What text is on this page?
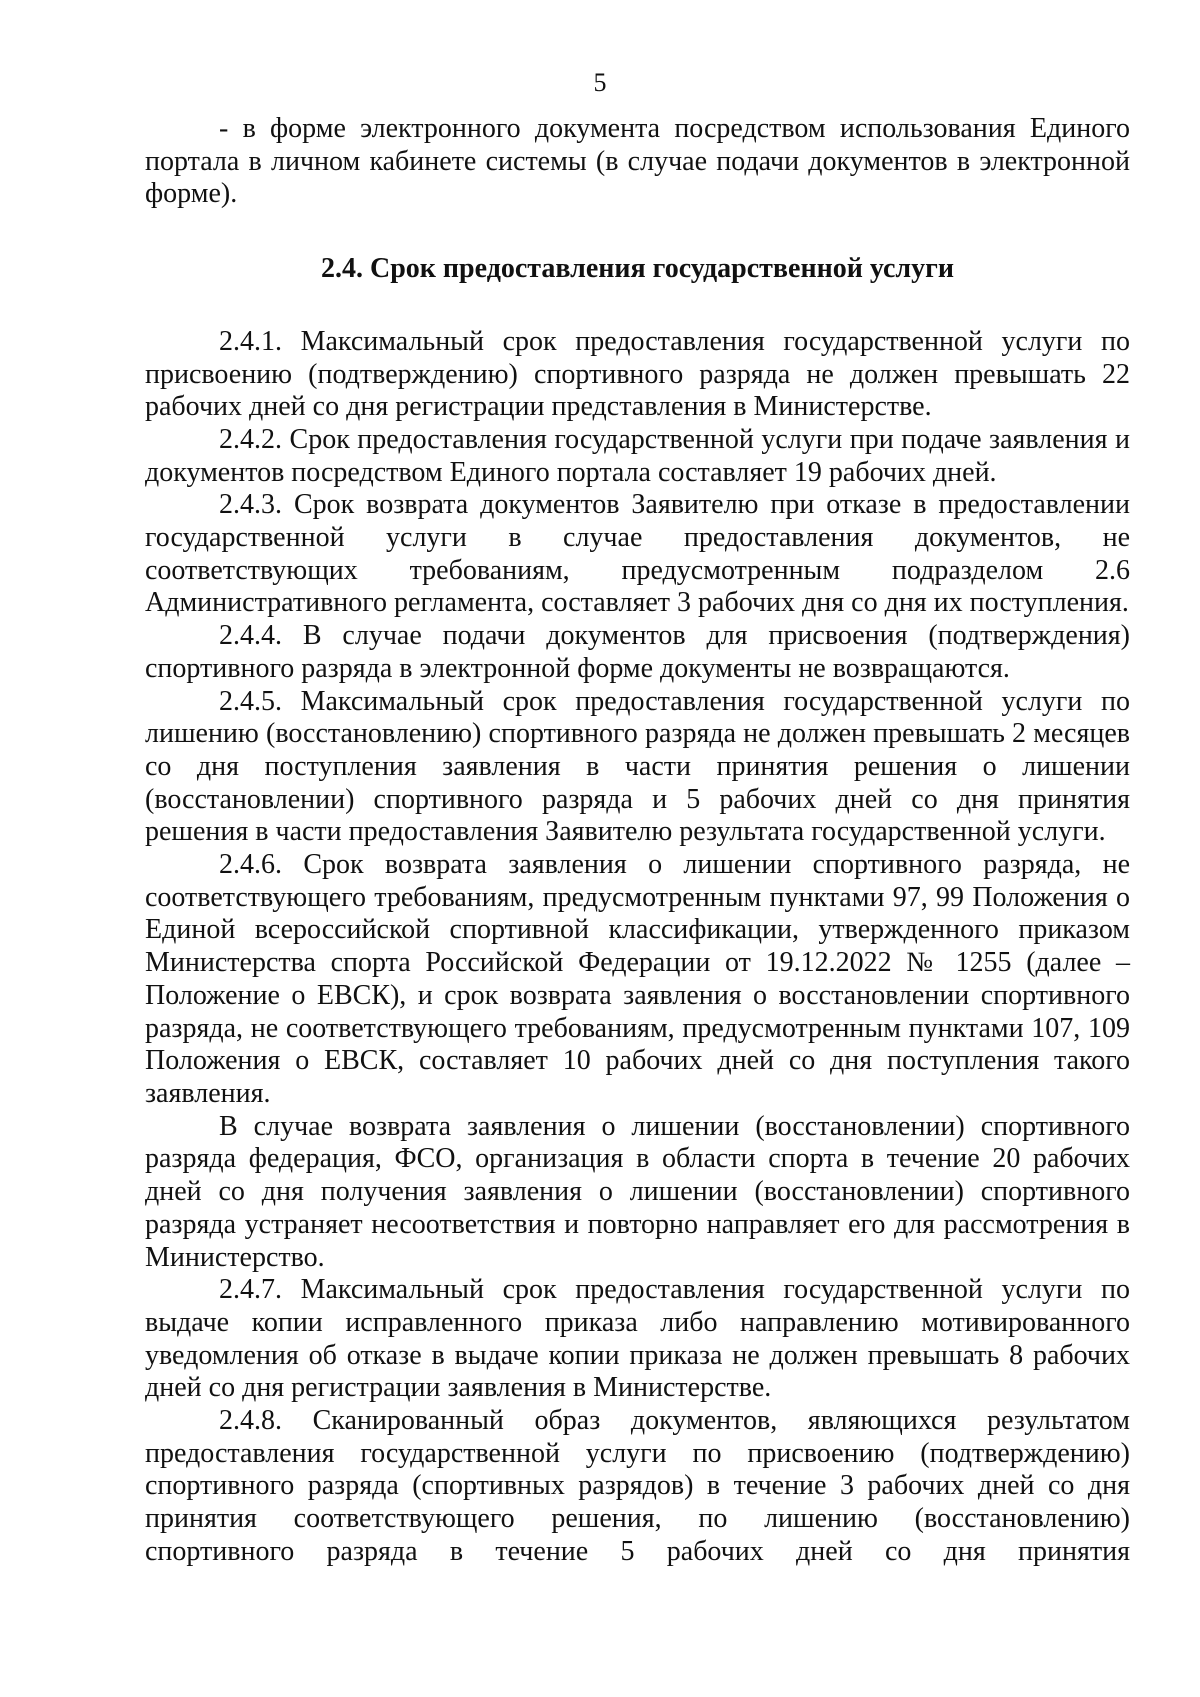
5

- в форме электронного документа посредством использования Единого портала в личном кабинете системы (в случае подачи документов в электронной форме).

2.4. Срок предоставления государственной услуги

2.4.1. Максимальный срок предоставления государственной услуги по присвоению (подтверждению) спортивного разряда не должен превышать 22 рабочих дней со дня регистрации представления в Министерстве.

2.4.2. Срок предоставления государственной услуги при подаче заявления и документов посредством Единого портала составляет 19 рабочих дней.

2.4.3. Срок возврата документов Заявителю при отказе в предоставлении государственной услуги в случае предоставления документов, не соответствующих требованиям, предусмотренным подразделом 2.6 Административного регламента, составляет 3 рабочих дня со дня их поступления.

2.4.4. В случае подачи документов для присвоения (подтверждения) спортивного разряда в электронной форме документы не возвращаются.

2.4.5. Максимальный срок предоставления государственной услуги по лишению (восстановлению) спортивного разряда не должен превышать 2 месяцев со дня поступления заявления в части принятия решения о лишении (восстановлении) спортивного разряда и 5 рабочих дней со дня принятия решения в части предоставления Заявителю результата государственной услуги.

2.4.6. Срок возврата заявления о лишении спортивного разряда, не соответствующего требованиям, предусмотренным пунктами 97, 99 Положения о Единой всероссийской спортивной классификации, утвержденного приказом Министерства спорта Российской Федерации от 19.12.2022 № 1255 (далее – Положение о ЕВСК), и срок возврата заявления о восстановлении спортивного разряда, не соответствующего требованиям, предусмотренным пунктами 107, 109 Положения о ЕВСК, составляет 10 рабочих дней со дня поступления такого заявления.

В случае возврата заявления о лишении (восстановлении) спортивного разряда федерация, ФСО, организация в области спорта в течение 20 рабочих дней со дня получения заявления о лишении (восстановлении) спортивного разряда устраняет несоответствия и повторно направляет его для рассмотрения в Министерство.

2.4.7. Максимальный срок предоставления государственной услуги по выдаче копии исправленного приказа либо направлению мотивированного уведомления об отказе в выдаче копии приказа не должен превышать 8 рабочих дней со дня регистрации заявления в Министерстве.

2.4.8. Сканированный образ документов, являющихся результатом предоставления государственной услуги по присвоению (подтверждению) спортивного разряда (спортивных разрядов) в течение 3 рабочих дней со дня принятия соответствующего решения, по лишению (восстановлению) спортивного разряда в течение 5 рабочих дней со дня принятия
